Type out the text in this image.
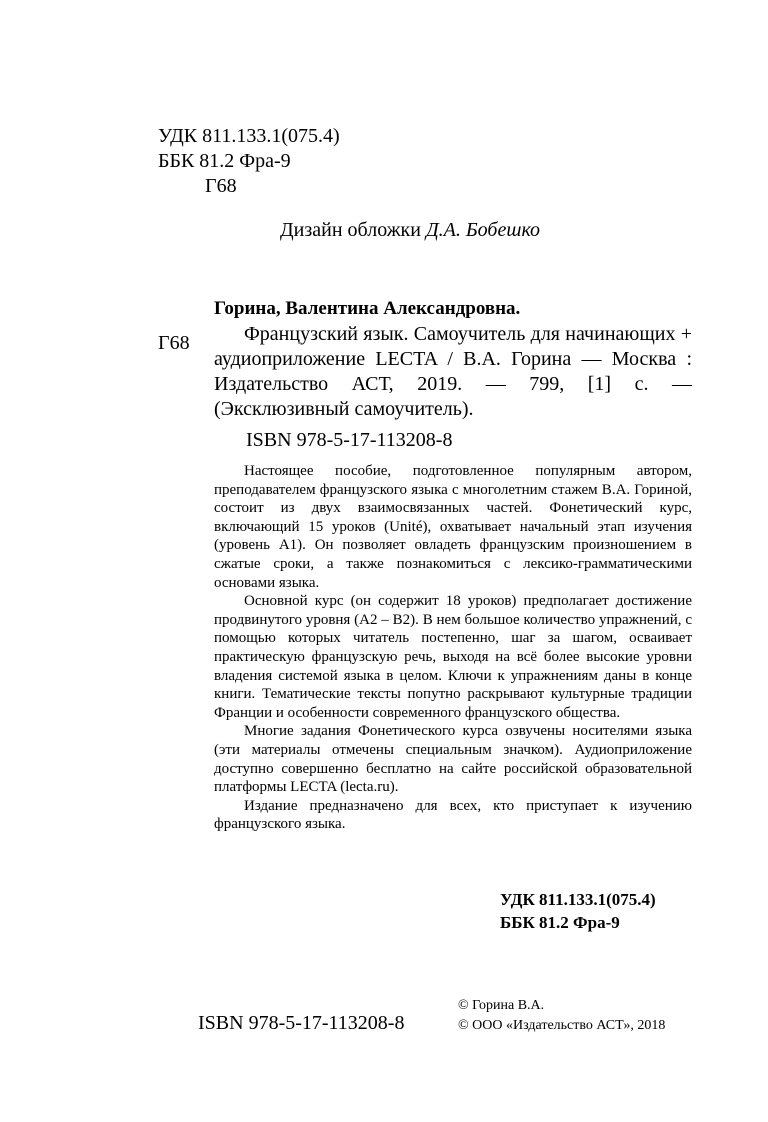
УДК 811.133.1(075.4)
ББК 81.2 Фра-9
Г68
Дизайн обложки Д.А. Бобешко
Горина, Валентина Александровна.
Г68	Французский язык. Самоучитель для начинающих + аудиоприложение LECTA / В.А. Горина — Москва : Издательство АСТ, 2019. — 799, [1] с. — (Эксклюзивный самоучитель).

ISBN 978-5-17-113208-8

Настоящее пособие, подготовленное популярным автором, преподавателем французского языка с многолетним стажем В.А. Гориной, состоит из двух взаимосвязанных частей. Фонетический курс, включающий 15 уроков (Unité), охватывает начальный этап изучения (уровень А1). Он позволяет овладеть французским произношением в сжатые сроки, а также познакомиться с лексико-грамматическими основами языка.

Основной курс (он содержит 18 уроков) предполагает достижение продвинутого уровня (А2 – В2). В нем большое количество упражнений, с помощью которых читатель постепенно, шаг за шагом, осваивает практическую французскую речь, выходя на всё более высокие уровни владения системой языка в целом. Ключи к упражнениям даны в конце книги. Тематические тексты попутно раскрывают культурные традиции Франции и особенности современного французского общества.

Многие задания Фонетического курса озвучены носителями языка (эти материалы отмечены специальным значком). Аудиоприложение доступно совершенно бесплатно на сайте российской образовательной платформы LECTA (lecta.ru).

Издание предназначено для всех, кто приступает к изучению французского языка.

УДК 811.133.1(075.4)
ББК 81.2 Фра-9
ISBN 978-5-17-113208-8
© Горина В.А.
© ООО «Издательство АСТ», 2018
